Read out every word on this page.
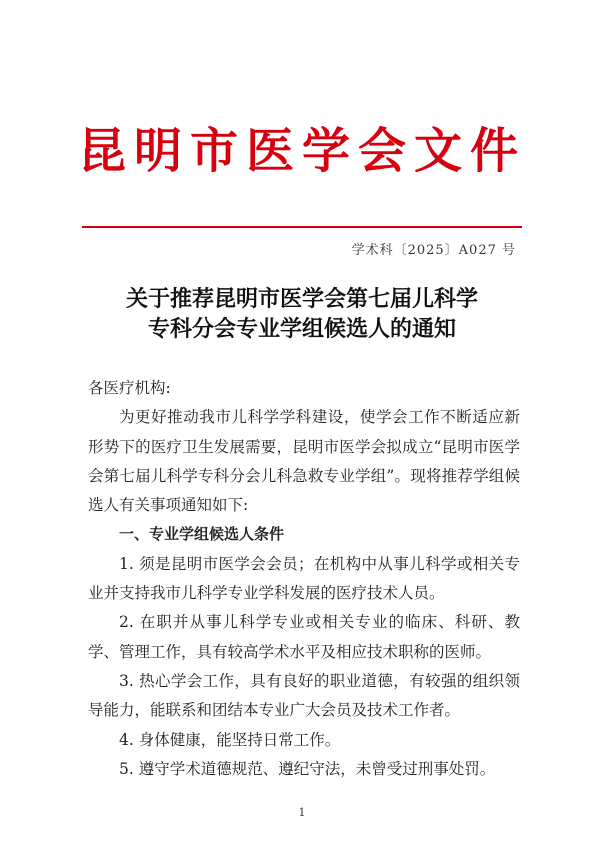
昆明市医学会文件
学术科〔2025〕A027 号
关于推荐昆明市医学会第七届儿科学
专科分会专业学组候选人的通知

各医疗机构:

为更好推动我市儿科学学科建设，使学会工作不断适应新形势下的医疗卫生发展需要，昆明市医学会拟成立“昆明市医学会第七届儿科学专科分会儿科急救专业学组”。现将推荐学组候选人有关事项通知如下:

一、专业学组候选人条件

1. 须是昆明市医学会会员；在机构中从事儿科学或相关专业并支持我市儿科学专业学科发展的医疗技术人员。

2. 在职并从事儿科学专业或相关专业的临床、科研、教学、管理工作，具有较高学术水平及相应技术职称的医师。

3. 热心学会工作，具有良好的职业道德，有较强的组织领导能力，能联系和团结本专业广大会员及技术工作者。

4. 身体健康，能坚持日常工作。

5. 遵守学术道德规范、遵纪守法，未曾受过刑事处罚。

1
